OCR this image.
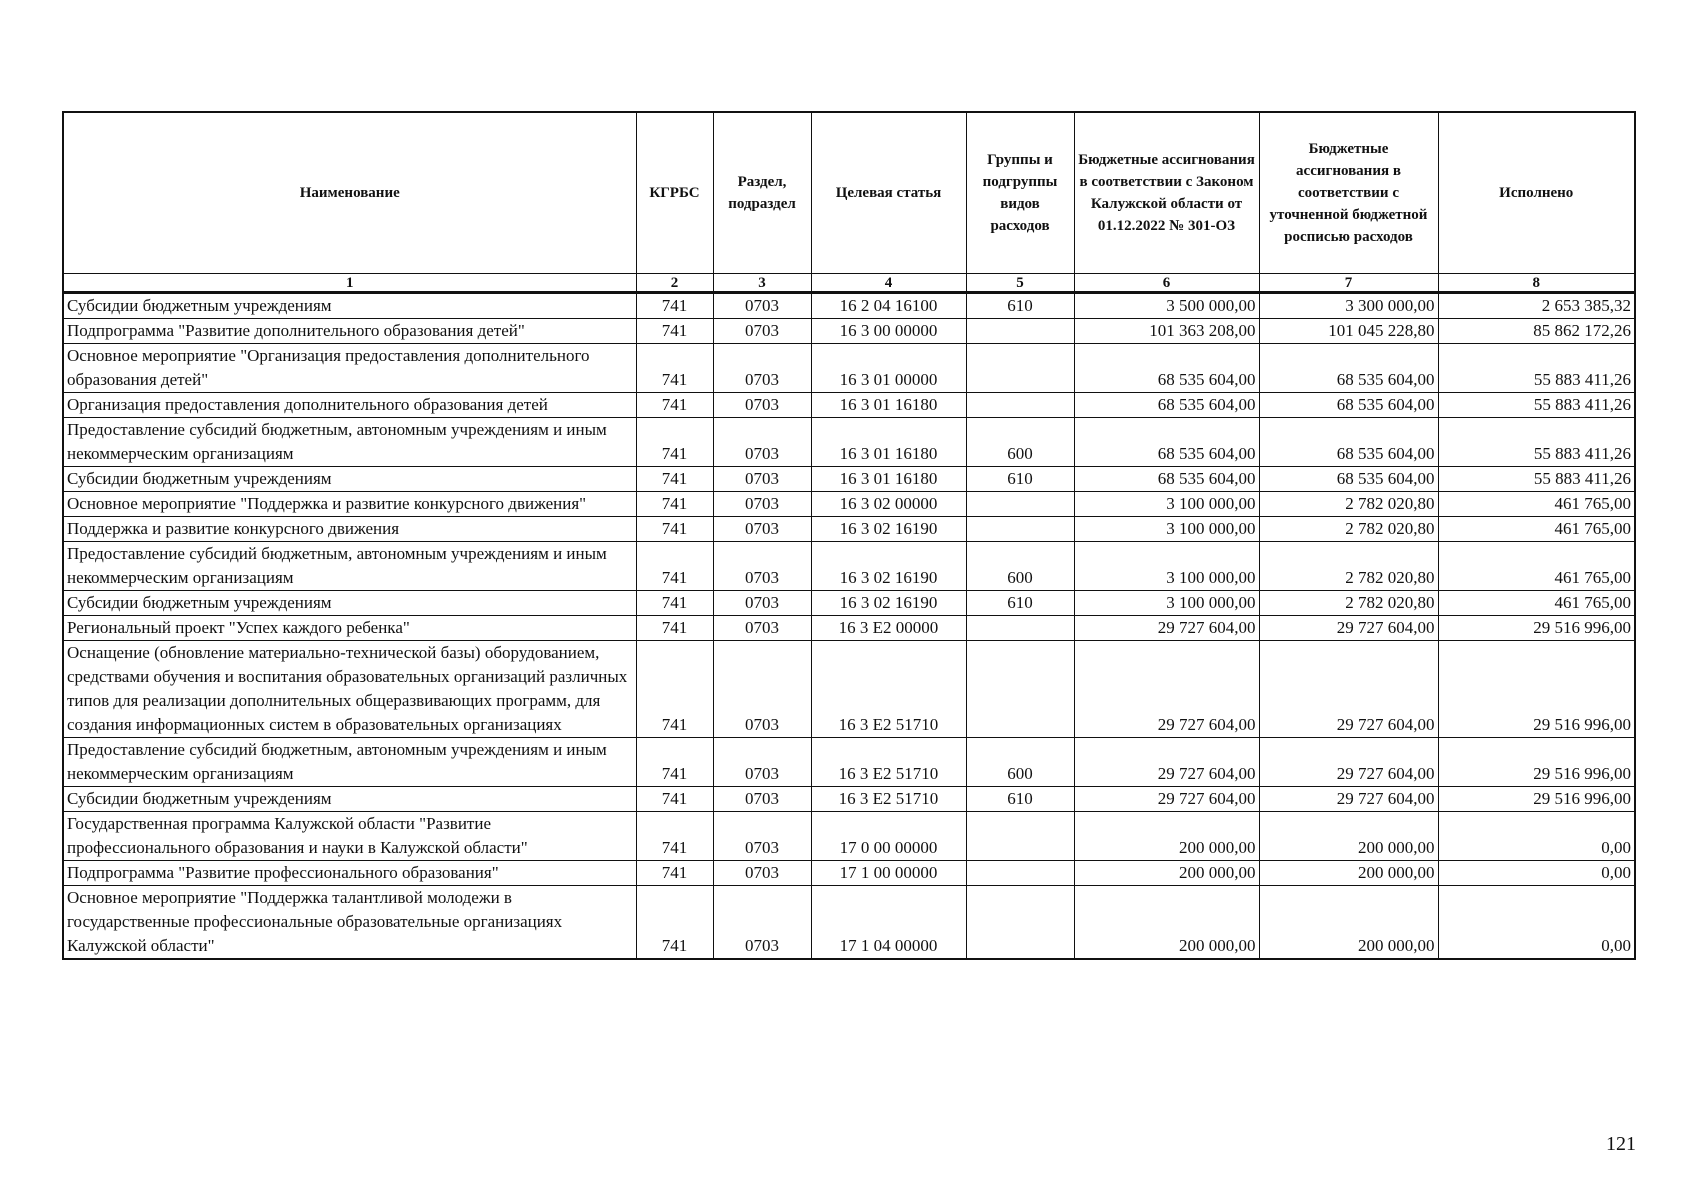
Наименование	КГРБС	Раздел, подраздел	Целевая статья	Группы и подгруппы видов расходов	Бюджетные ассигнования в соответствии с Законом Калужской области от 01.12.2022 № 301-ОЗ	Бюджетные ассигнования в соответствии с уточненной бюджетной росписью расходов	Исполнено
1	2	3	4	5	6	7	8
Субсидии бюджетным учреждениям	741	0703	16 2 04 16100	610	3 500 000,00	3 300 000,00	2 653 385,32
Подпрограмма "Развитие дополнительного образования детей"	741	0703	16 3 00 00000		101 363 208,00	101 045 228,80	85 862 172,26
Основное мероприятие "Организация предоставления дополнительного образования детей"	741	0703	16 3 01 00000		68 535 604,00	68 535 604,00	55 883 411,26
Организация предоставления дополнительного образования детей	741	0703	16 3 01 16180		68 535 604,00	68 535 604,00	55 883 411,26
Предоставление субсидий бюджетным, автономным учреждениям и иным некоммерческим организациям	741	0703	16 3 01 16180	600	68 535 604,00	68 535 604,00	55 883 411,26
Субсидии бюджетным учреждениям	741	0703	16 3 01 16180	610	68 535 604,00	68 535 604,00	55 883 411,26
Основное мероприятие "Поддержка и развитие конкурсного движения"	741	0703	16 3 02 00000		3 100 000,00	2 782 020,80	461 765,00
Поддержка и развитие конкурсного движения	741	0703	16 3 02 16190		3 100 000,00	2 782 020,80	461 765,00
Предоставление субсидий бюджетным, автономным учреждениям и иным некоммерческим организациям	741	0703	16 3 02 16190	600	3 100 000,00	2 782 020,80	461 765,00
Субсидии бюджетным учреждениям	741	0703	16 3 02 16190	610	3 100 000,00	2 782 020,80	461 765,00
Региональный проект "Успех каждого ребенка"	741	0703	16 3 E2 00000		29 727 604,00	29 727 604,00	29 516 996,00
Оснащение (обновление материально-технической базы) оборудованием, средствами обучения и воспитания образовательных организаций различных типов для реализации дополнительных общеразвивающих программ, для создания информационных систем в образовательных организациях	741	0703	16 3 E2 51710		29 727 604,00	29 727 604,00	29 516 996,00
Предоставление субсидий бюджетным, автономным учреждениям и иным некоммерческим организациям	741	0703	16 3 E2 51710	600	29 727 604,00	29 727 604,00	29 516 996,00
Субсидии бюджетным учреждениям	741	0703	16 3 E2 51710	610	29 727 604,00	29 727 604,00	29 516 996,00
Государственная программа Калужской области "Развитие профессионального образования и науки в Калужской области"	741	0703	17 0 00 00000		200 000,00	200 000,00	0,00
Подпрограмма "Развитие профессионального образования"	741	0703	17 1 00 00000		200 000,00	200 000,00	0,00
Основное мероприятие "Поддержка талантливой молодежи в государственные профессиональные образовательные организациях Калужской области"	741	0703	17 1 04 00000		200 000,00	200 000,00	0,00
121
